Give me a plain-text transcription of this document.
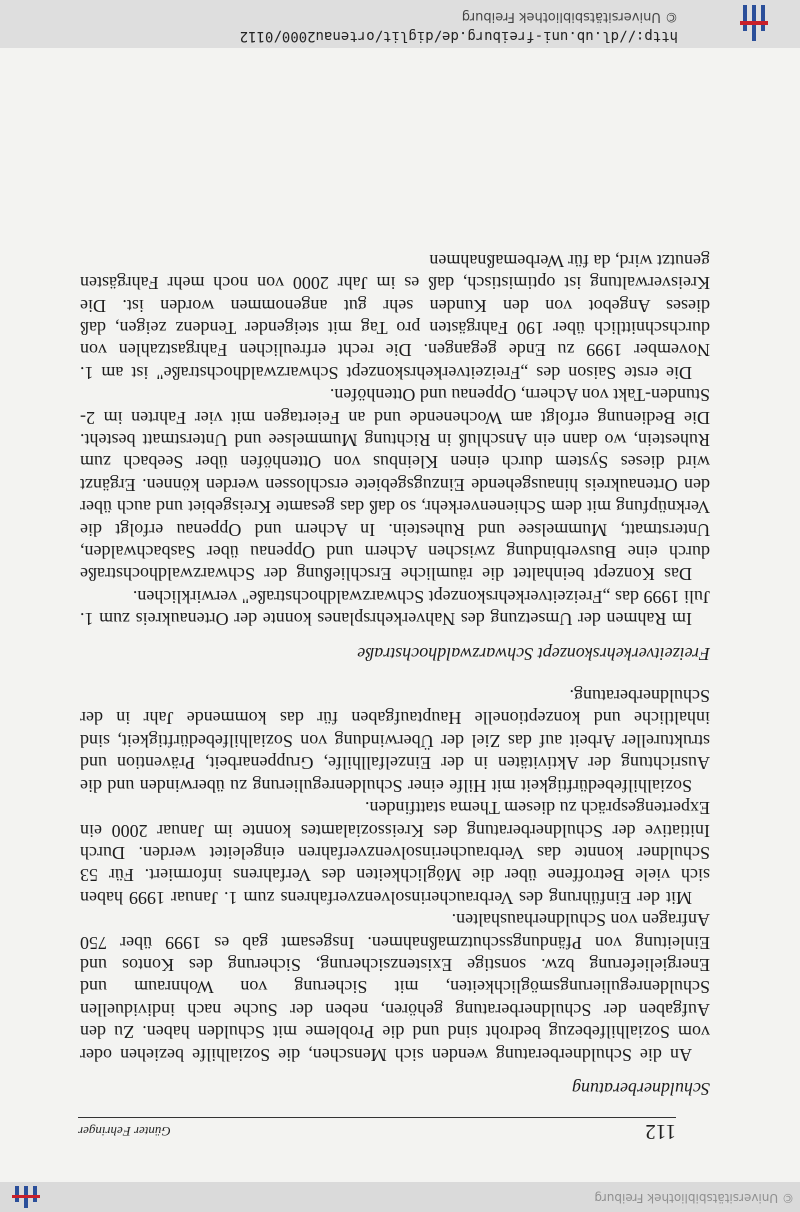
© Universitätsbibliothek Freiburg
112
Günter Fehringer
Schuldnerberatung

An die Schuldnerberatung wenden sich Menschen, die Sozialhilfe beziehen oder vom Sozialhilfebezug bedroht sind und die Probleme mit Schulden haben. Zu den Aufgaben der Schuldnerberatung gehören, neben der Suche nach individuellen Schuldenregulierungsmöglichkeiten, mit Sicherung von Wohnraum und Energielieferung bzw. sonstige Existenzsicherung, Sicherung des Kontos und Einleitung von Pfändungsschutzmaßnahmen. Insgesamt gab es 1999 über 750 Anfragen von Schuldnerhaushalten.

Mit der Einführung des Verbraucherinsolvenzverfahrens zum 1. Januar 1999 haben sich viele Betroffene über die Möglichkeiten des Verfahrens informiert. Für 53 Schuldner konnte das Verbraucherinsolvenzverfahren eingeleitet werden. Durch Initiative der Schuldnerberatung des Kreissozialamtes konnte im Januar 2000 ein Expertengespräch zu diesem Thema stattfinden.

Sozialhilfebedürftigkeit mit Hilfe einer Schuldenregulierung zu überwinden und die Ausrichtung der Aktivitäten in der Einzelfallhilfe, Gruppenarbeit, Prävention und struktureller Arbeit auf das Ziel der Überwindung von Sozialhilfebedürftigkeit, sind inhaltliche und konzeptionelle Hauptaufgaben für das kommende Jahr in der Schuldnerberatung.

Freizeitverkehrskonzept Schwarzwaldhochstraße

Im Rahmen der Umsetzung des Nahverkehrsplanes konnte der Ortenaukreis zum 1. Juli 1999 das „Freizeitverkehrskonzept Schwarzwaldhochstraße" verwirklichen.

Das Konzept beinhaltet die räumliche Erschließung der Schwarzwaldhochstraße durch eine Busverbindung zwischen Achern und Oppenau über Sasbachwalden, Unterstmatt, Mummelsee und Ruhestein. In Achern und Oppenau erfolgt die Verknüpfung mit dem Schienenverkehr, so daß das gesamte Kreisgebiet und auch über den Ortenaukreis hinausgehende Einzugsgebiete erschlossen werden können. Ergänzt wird dieses System durch einen Kleinbus von Ottenhöfen über Seebach zum Ruhestein, wo dann ein Anschluß in Richtung Mummelsee und Unterstmatt besteht. Die Bedienung erfolgt am Wochenende und an Feiertagen mit vier Fahrten im 2-Stunden-Takt von Achern, Oppenau und Ottenhöfen.

Die erste Saison des „Freizeitverkehrskonzept Schwarzwaldhochstraße" ist am 1. November 1999 zu Ende gegangen. Die recht erfreulichen Fahrgastzahlen von durchschnittlich über 190 Fahrgästen pro Tag mit steigender Tendenz zeigen, daß dieses Angebot von den Kunden sehr gut angenommen worden ist. Die Kreisverwaltung ist optimistisch, daß es im Jahr 2000 von noch mehr Fahrgästen genutzt wird, da für Werbemaßnahmen

http://dl.ub.uni-freiburg.de/diglit/ortenau2000/0112
© Universitätsbibliothek Freiburg
